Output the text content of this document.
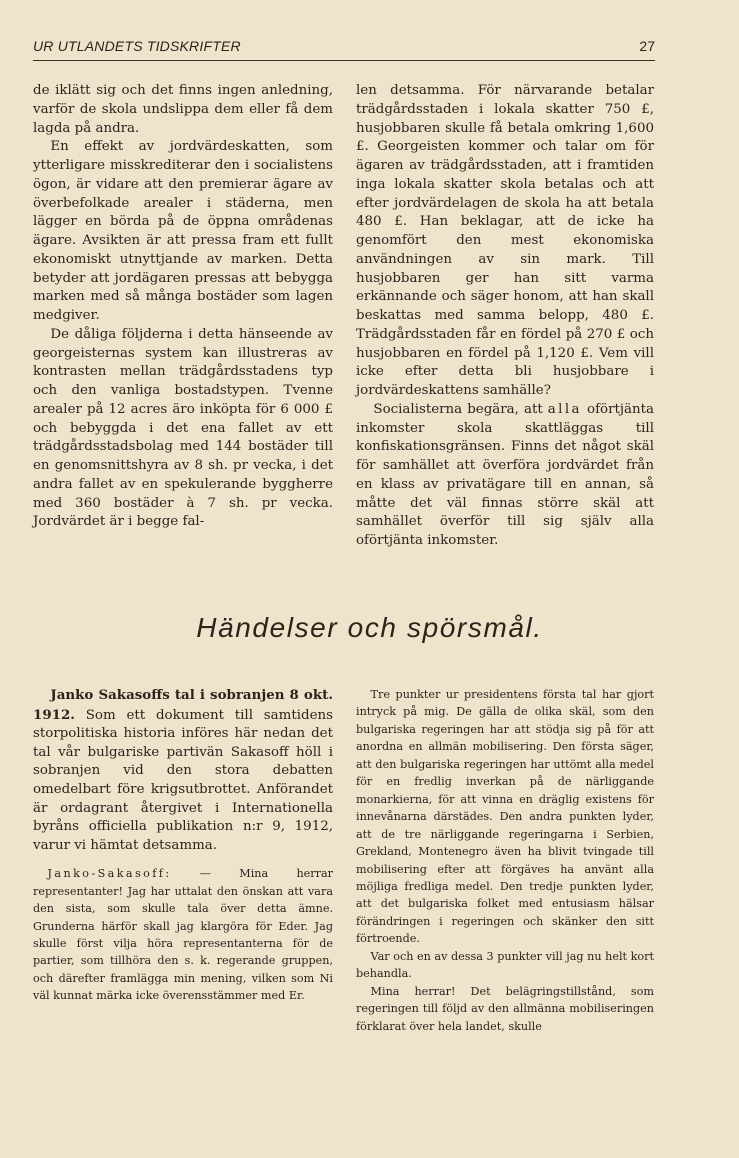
UR UTLANDETS TIDSKRIFTER	27

de iklätt sig och det finns ingen anledning, varför de skola undslippa dem eller få dem lagda på andra.

En effekt av jordvärdeskatten, som ytterligare misskrediterar den i socialistens ögon, är vidare att den premierar ägare av överbefolkade arealer i städerna, men lägger en börda på de öppna områdenas ägare. Avsikten är att pressa fram ett fullt ekonomiskt utnyttjande av marken. Detta betyder att jordägaren pressas att bebygga marken med så många bostäder som lagen medgiver.

De dåliga följderna i detta hänseende av georgeisternas system kan illustreras av kontrasten mellan trädgårdsstadens typ och den vanliga bostadstypen. Tvenne arealer på 12 acres äro inköpta för 6 000 £ och bebyggda i det ena fallet av ett trädgårdsstadsbolag med 144 bostäder till en genomsnittshyra av 8 sh. pr vecka, i det andra fallet av en spekulerande byggherre med 360 bostäder à 7 sh. pr vecka. Jordvärdet är i begge fal-

len detsamma. För närvarande betalar trädgårdsstaden i lokala skatter 750 £, husjobbaren skulle få betala omkring 1,600 £. Georgeisten kommer och talar om för ägaren av trädgårdsstaden, att i framtiden inga lokala skatter skola betalas och att efter jordvärdelagen de skola ha att betala 480 £. Han beklagar, att de icke ha genomfört den mest ekonomiska användningen av sin mark. Till husjobbaren ger han sitt varma erkännande och säger honom, att han skall beskattas med samma belopp, 480 £. Trädgårdsstaden får en fördel på 270 £ och husjobbaren en fördel på 1,120 £. Vem vill icke efter detta bli husjobbare i jordvärdeskattens samhälle?

Socialisterna begära, att alla oförtjänta inkomster skola skattläggas till konfiskationsgränsen. Finns det något skäl för samhället att överföra jordvärdet från en klass av privatägare till en annan, så måtte det väl finnas större skäl att samhället överför till sig själv alla oförtjänta inkomster.

Händelser och spörsmål.

Janko Sakasoffs tal i sobranjen 8 okt. 1912. Som ett dokument till samtidens storpolitiska historia införes här nedan det tal vår bulgariske partivän Sakasoff höll i sobranjen vid den stora debatten omedelbart före krigsutbrottet. Anförandet är ordagrant återgivet i Internationella byråns officiella publikation n:r 9, 1912, varur vi hämtat detsamma.

Janko-Sakasoff: — Mina herrar representanter! Jag har uttalat den önskan att vara den sista, som skulle tala över detta ämne. Grunderna härför skall jag klargöra för Eder. Jag skulle först vilja höra representanterna för de partier, som tillhöra den s. k. regerande gruppen, och därefter framlägga min mening, vilken som Ni väl kunnat märka icke överensstämmer med Er.

Tre punkter ur presidentens första tal har gjort intryck på mig. De gälla de olika skäl, som den bulgariska regeringen har att stödja sig på för att anordna en allmän mobilisering. Den första säger, att den bulgariska regeringen har uttömt alla medel för en fredlig inverkan på de närliggande monarkierna, för att vinna en dräglig existens för innevånarna därstädes. Den andra punkten lyder, att de tre närliggande regeringarna i Serbien, Grekland, Montenegro även ha blivit tvingade till mobilisering efter att förgäves ha använt alla möjliga fredliga medel. Den tredje punkten lyder, att det bulgariska folket med entusiasm hälsar förändringen i regeringen och skänker den sitt förtroende.

Var och en av dessa 3 punkter vill jag nu helt kort behandla.

Mina herrar! Det belägringstillstånd, som regeringen till följd av den allmänna mobiliseringen förklarat över hela landet, skulle
